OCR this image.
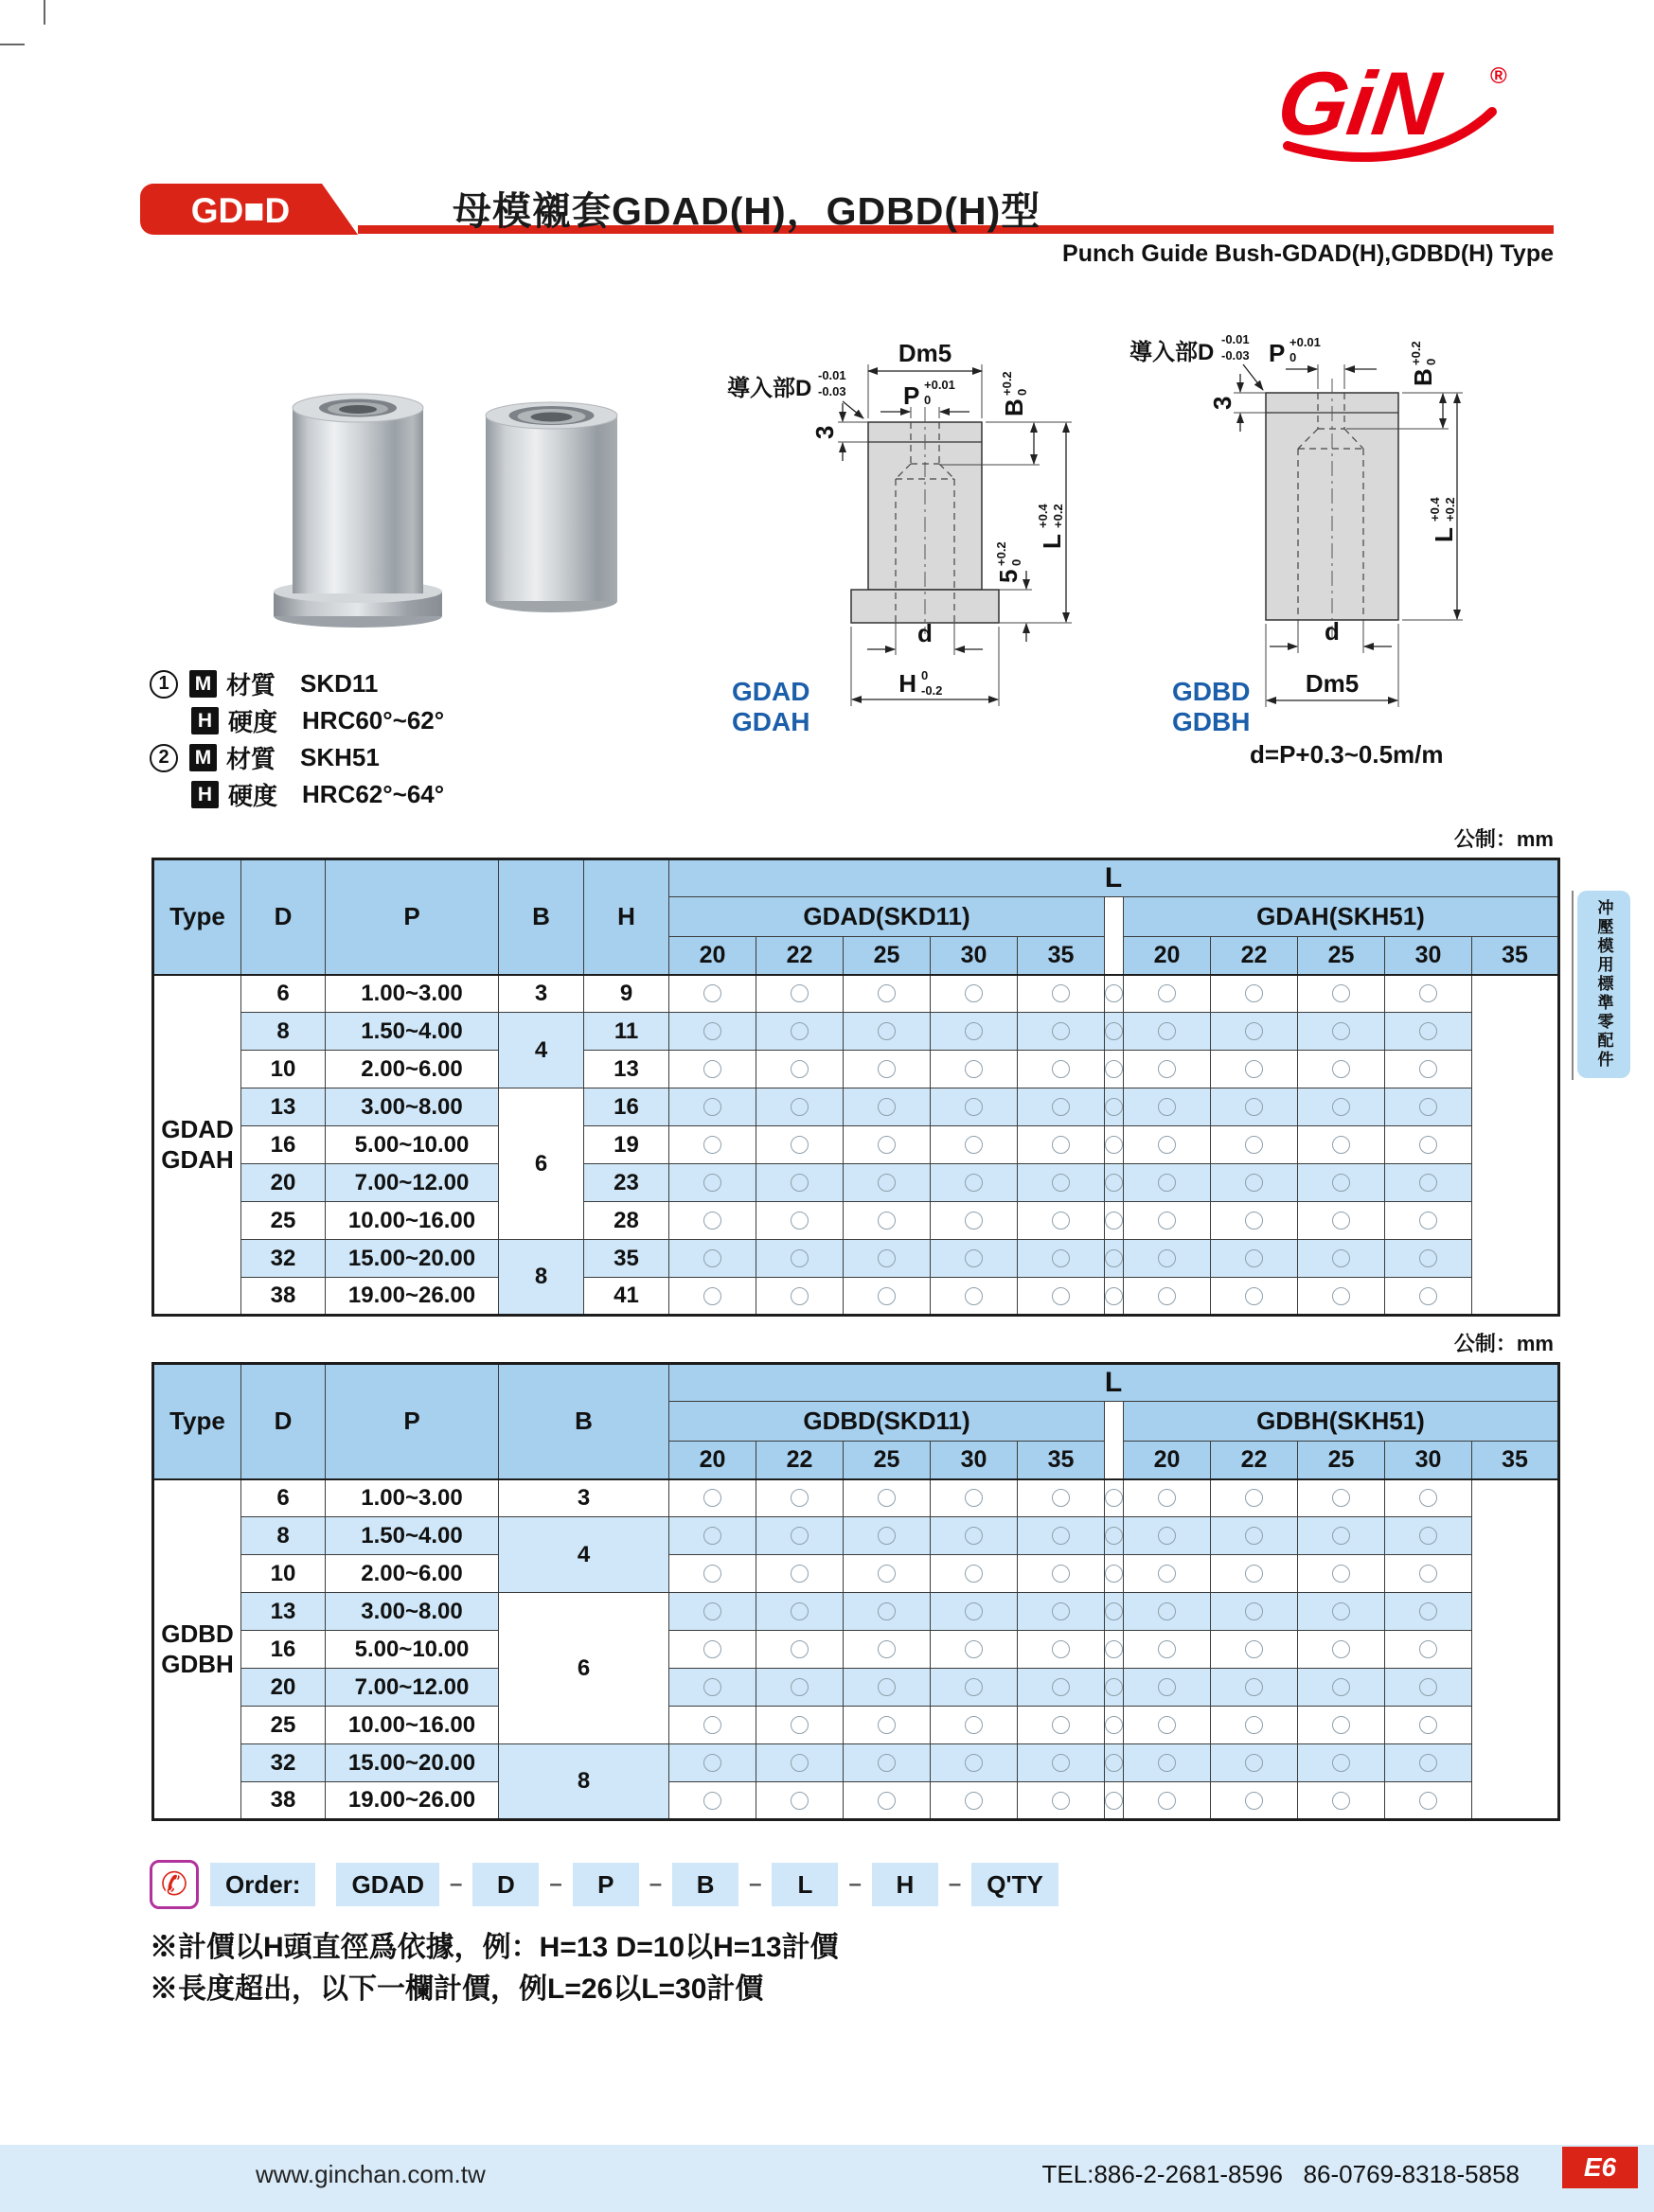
GiN ®
GD■D	母模襯套GDAD(H)，GDBD(H)型
Punch Guide Bush-GDAD(H),GDBD(H) Type
Dm5
導入部D
-0.01
-0.03 P +0.01
0	B
+0.2 0
3
L
+0.4 +0.2
5
+0.2 0
d
H 0
-0.2
GDAD
GDAH
導入部D
-0.01
-0.03
3
P +0.01
0
B
+0.2 0
L
+0.4 +0.2
d
Dm5
GDBD
GDBH
d=P+0.3~0.5m/m
1	M 材質 SKD11
H 硬度 HRC60°~62°
2	M 材質 SKH51
H 硬度 HRC62°~64°
公制：mm
公制：mm
Type	D	P	B	H	L										
					GDAD(SKD11)						GDAH(SKH51)				
					20	22	25	30	35		20	22	25	30	35
GDAD
GDAH	6	1.00~3.00	3	9											
	8	1.50~4.00	4	11											
	10	2.00~6.00		13											
	13	3.00~8.00	6	16											
	16	5.00~10.00		19											
	20	7.00~12.00		23											
	25	10.00~16.00		28											
	32	15.00~20.00	8	35											
	38	19.00~26.00		41											
Type	D	P	B	L										
				GDBD(SKD11)						GDBH(SKH51)				
				20	22	25	30	35		20	22	25	30	35
GDBD
GDBH	6	1.00~3.00	3											
	8	1.50~4.00	4											
	10	2.00~6.00												
	13	3.00~8.00	6											
	16	5.00~10.00												
	20	7.00~12.00												
	25	10.00~16.00												
	32	15.00~20.00	8											
	38	19.00~26.00												
✆	Order:	GDAD	–	D	–	P	–	B	–	L	–	H	–	Q'TY
※計價以H頭直徑爲依據，例：H=13 D=10以H=13計價
※長度超出，以下一欄計價，例L=26以L=30計價
www.ginchan.com.tw	TEL:886-2-2681-8596   86-0769-8318-5858	E6
冲壓模用標準零配件
